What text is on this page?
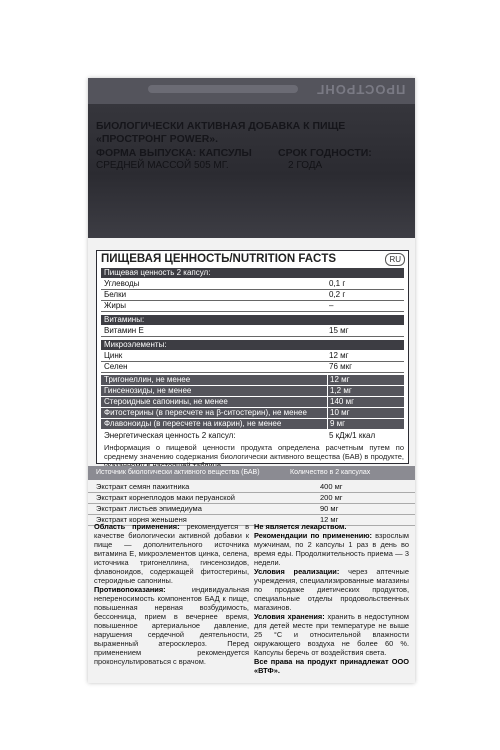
ПРОСТРОНГ
БИОЛОГИЧЕСКИ АКТИВНАЯ ДОБАВКА К ПИЩЕ
«ПРОСТРОНГ POWER».
ФОРМА ВЫПУСКА: КАПСУЛЫ
СРЕДНЕЙ МАССОЙ 505 МГ.
СРОК ГОДНОСТИ:
2 ГОДА
ПИЩЕВАЯ ЦЕННОСТЬ/NUTRITION FACTS	RU
Пищевая ценность 2 капсул:
Углеводы	0,1 г
Белки	0,2 г
Жиры	–
Витамины:
Витамин Е	15 мг
Микроэлементы:
Цинк	12 мг
Селен	76 мкг
Тригонеллин, не менее	12 мг
Гинсенозиды, не менее	1,2 мг
Стероидные сапонины, не менее	140 мг
Фитостерины (в пересчете на β-ситостерин), не менее	10 мг
Флавоноиды (в пересчете на икарин), не менее	9 мг
Энергетическая ценность 2 капсул:	5 кДж/1 ккал
Информация о пищевой ценности продукта определена расчетным путем по среднему значению содержания биологически активного вещества (БАВ) в продукте,
Источник биологически активного вещества (БАВ)	Количество в 2 капсулах
Экстракт семян пажитника	400 мг
Экстракт корнеплодов маки перуанской	200 мг
Экстракт листьев эпимедиума	90 мг
Экстракт корня женьшеня	12 мг
Область применения: рекомендуется в качестве биологически активной добавки к пище — дополнительного источника витамина Е, микроэлементов цинка, селена, источника тригонеллина, гинсенозидов, флавоноидов, содержащей фитостерины, стероидные сапонины.
Противопоказания:	индивидуальная непереносимость компонентов БАД к пище, повышенная нервная возбудимость, бессонница, прием в вечернее время, повышенное артериальное давление, нарушения сердечной деятельности, выраженный атеросклероз. Перед применением рекомендуется проконсультироваться с врачом.
Не является лекарством.
Рекомендации по применению: взрослым мужчинам, по 2 капсулы 1 раз в день во время еды. Продолжительность приема — 3 недели.
Условия реализации: через аптечные учреждения, специализированные магазины по продаже диетических продуктов, специальные отделы продовольственных магазинов.
Условия хранения: хранить в недоступном для детей месте при температуре не выше 25 °С и относительной влажности окружающего воздуха не более 60 %. Капсулы беречь от воздействия света.
Все права на продукт принадлежат ООО «ВТФ».
